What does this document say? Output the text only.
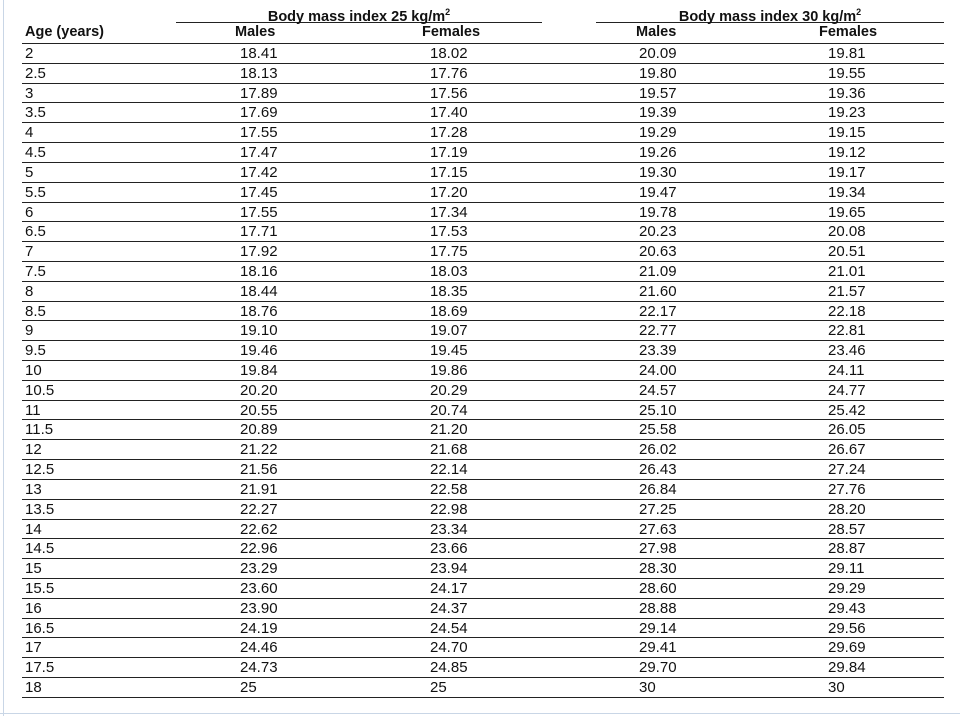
Body mass index 25 $kg/m^2$	Body mass index 30 $kg/m^2$
Age (years)	Males	Females	Males	Females
2	18.41	18.02	20.09	19.81
2.5	18.13	17.76	19.80	19.55
3	17.89	17.56	19.57	19.36
3.5	17.69	17.40	19.39	19.23
4	17.55	17.28	19.29	19.15
4.5	17.47	17.19	19.26	19.12
5	17.42	17.15	19.30	19.17
5.5	17.45	17.20	19.47	19.34
6	17.55	17.34	19.78	19.65
6.5	17.71	17.53	20.23	20.08
7	17.92	17.75	20.63	20.51
7.5	18.16	18.03	21.09	21.01
8	18.44	18.35	21.60	21.57
8.5	18.76	18.69	22.17	22.18
9	19.10	19.07	22.77	22.81
9.5	19.46	19.45	23.39	23.46
10	19.84	19.86	24.00	24.11
10.5	20.20	20.29	24.57	24.77
11	20.55	20.74	25.10	25.42
11.5	20.89	21.20	25.58	26.05
12	21.22	21.68	26.02	26.67
12.5	21.56	22.14	26.43	27.24
13	21.91	22.58	26.84	27.76
13.5	22.27	22.98	27.25	28.20
14	22.62	23.34	27.63	28.57
14.5	22.96	23.66	27.98	28.87
15	23.29	23.94	28.30	29.11
15.5	23.60	24.17	28.60	29.29
16	23.90	24.37	28.88	29.43
16.5	24.19	24.54	29.14	29.56
17	24.46	24.70	29.41	29.69
17.5	24.73	24.85	29.70	29.84
18	25	25	30	30
